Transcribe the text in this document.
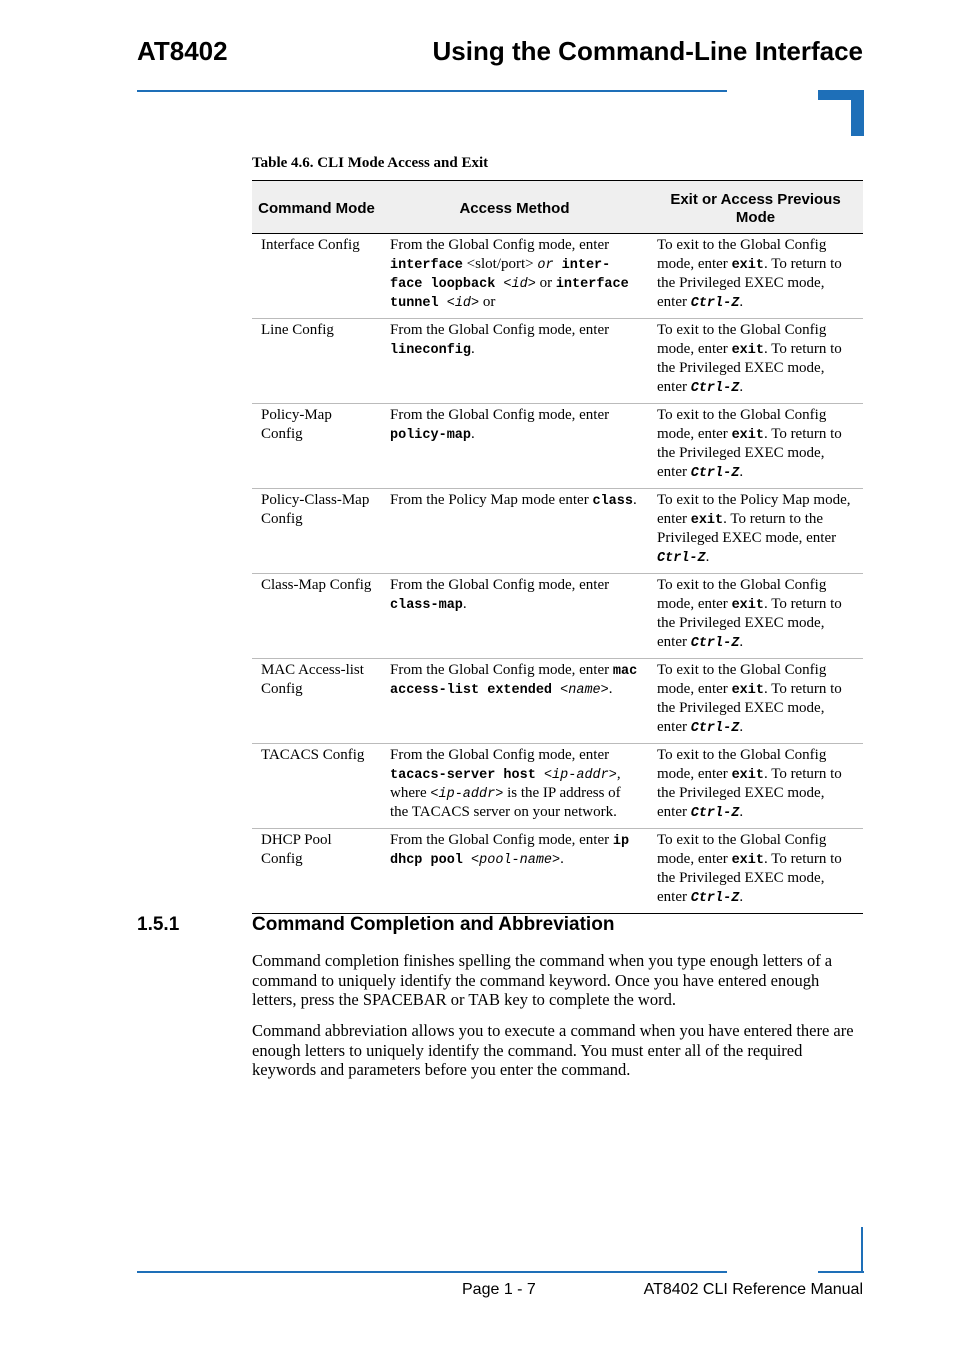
AT8402	Using the Command-Line Interface
Table 4.6. CLI Mode Access and Exit
Command Mode	Access Method	Exit or Access Previous Mode
Interface Config	From the Global Config mode, enter interface <slot/port> or inter-face loopback <id> or interface tunnel <id> or	To exit to the Global Config mode, enter exit. To return to the Privileged EXEC mode, enter Ctrl-Z.
Line Config	From the Global Config mode, enter lineconfig.	To exit to the Global Config mode, enter exit. To return to the Privileged EXEC mode, enter Ctrl-Z.
Policy-Map Config	From the Global Config mode, enter policy-map.	To exit to the Global Config mode, enter exit. To return to the Privileged EXEC mode, enter Ctrl-Z.
Policy-Class-Map Config	From the Policy Map mode enter class.	To exit to the Policy Map mode, enter exit. To return to the Privileged EXEC mode, enter Ctrl-Z.
Class-Map Config	From the Global Config mode, enter class-map.	To exit to the Global Config mode, enter exit. To return to the Privileged EXEC mode, enter Ctrl-Z.
MAC Access-list Config	From the Global Config mode, enter mac access-list extended <name>.	To exit to the Global Config mode, enter exit. To return to the Privileged EXEC mode, enter Ctrl-Z.
TACACS Config	From the Global Config mode, enter tacacs-server host <ip-addr>, where <ip-addr> is the IP address of the TACACS server on your network.	To exit to the Global Config mode, enter exit. To return to the Privileged EXEC mode, enter Ctrl-Z.
DHCP Pool Config	From the Global Config mode, enter ip dhcp pool <pool-name>.	To exit to the Global Config mode, enter exit. To return to the Privileged EXEC mode, enter Ctrl-Z.
1.5.1	Command Completion and Abbreviation

Command completion finishes spelling the command when you type enough letters of a command to uniquely identify the command keyword. Once you have entered enough letters, press the SPACEBAR or TAB key to complete the word.

Command abbreviation allows you to execute a command when you have entered there are enough letters to uniquely identify the command. You must enter all of the required keywords and parameters before you enter the command.

Page 1 - 7	AT8402 CLI Reference Manual
